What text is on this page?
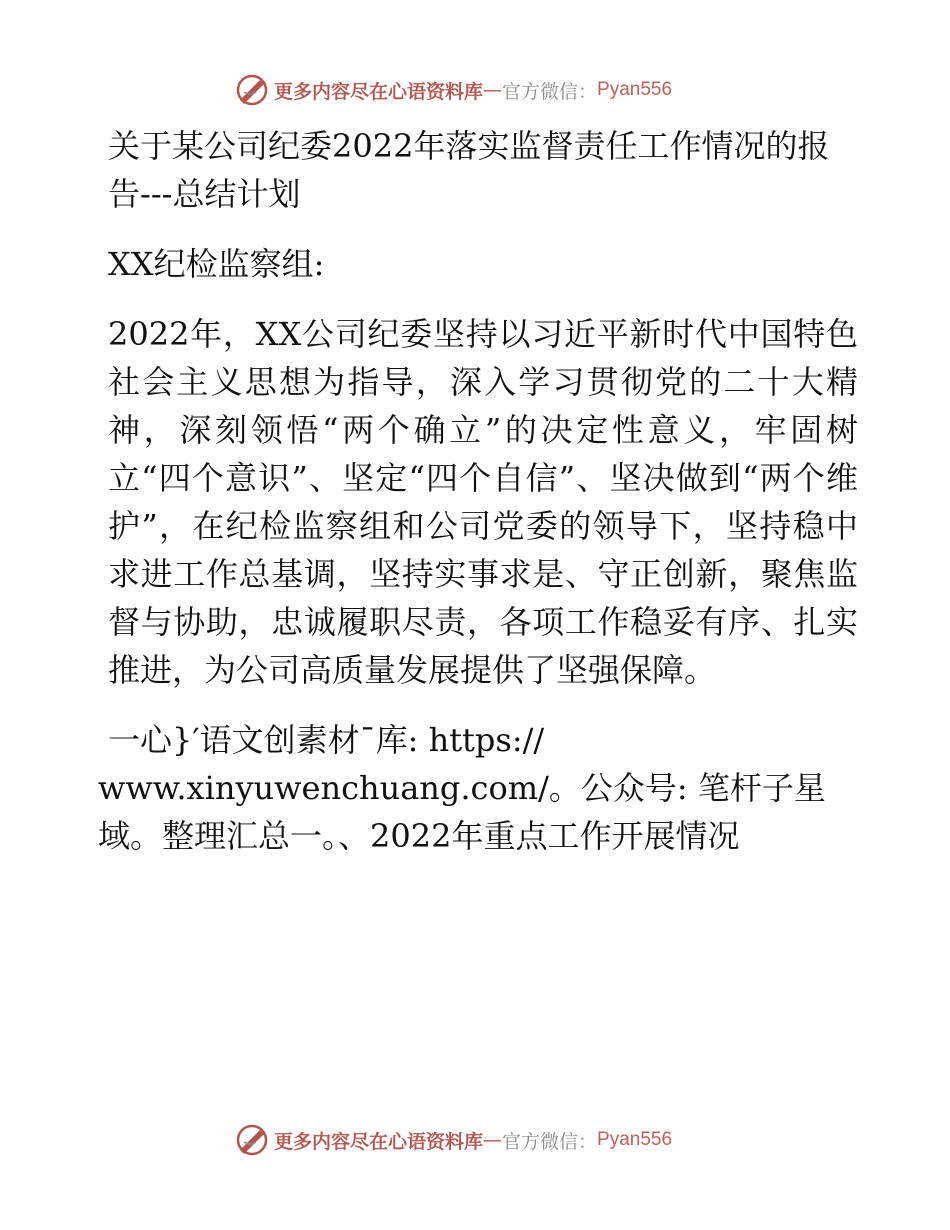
更多内容尽在心语资料库 — 官方微信： Pyan556

关于某公司纪委2022年落实监督责任工作情况的报告---总结计划

XX纪检监察组:

2022年，XX公司纪委坚持以习近平新时代中国特色社会主义思想为指导，深入学习贯彻党的二十大精神，深刻领悟“两个确立”的决定性意义，牢固树立“四个意识”、坚定“四个自信”、坚决做到“两个维护”，在纪检监察组和公司党委的领导下，坚持稳中求进工作总基调，坚持实事求是、守正创新，聚焦监督与协助，忠诚履职尽责，各项工作稳妥有序、扎实推进，为公司高质量发展提供了坚强保障。

一心}′语文创素材¯库: https://

www.xinyuwenchuang.com/。公众号: 笔杆子星

域。整理汇总一。、2022年重点工作开展情况

更多内容尽在心语资料库 — 官方微信： Pyan556
